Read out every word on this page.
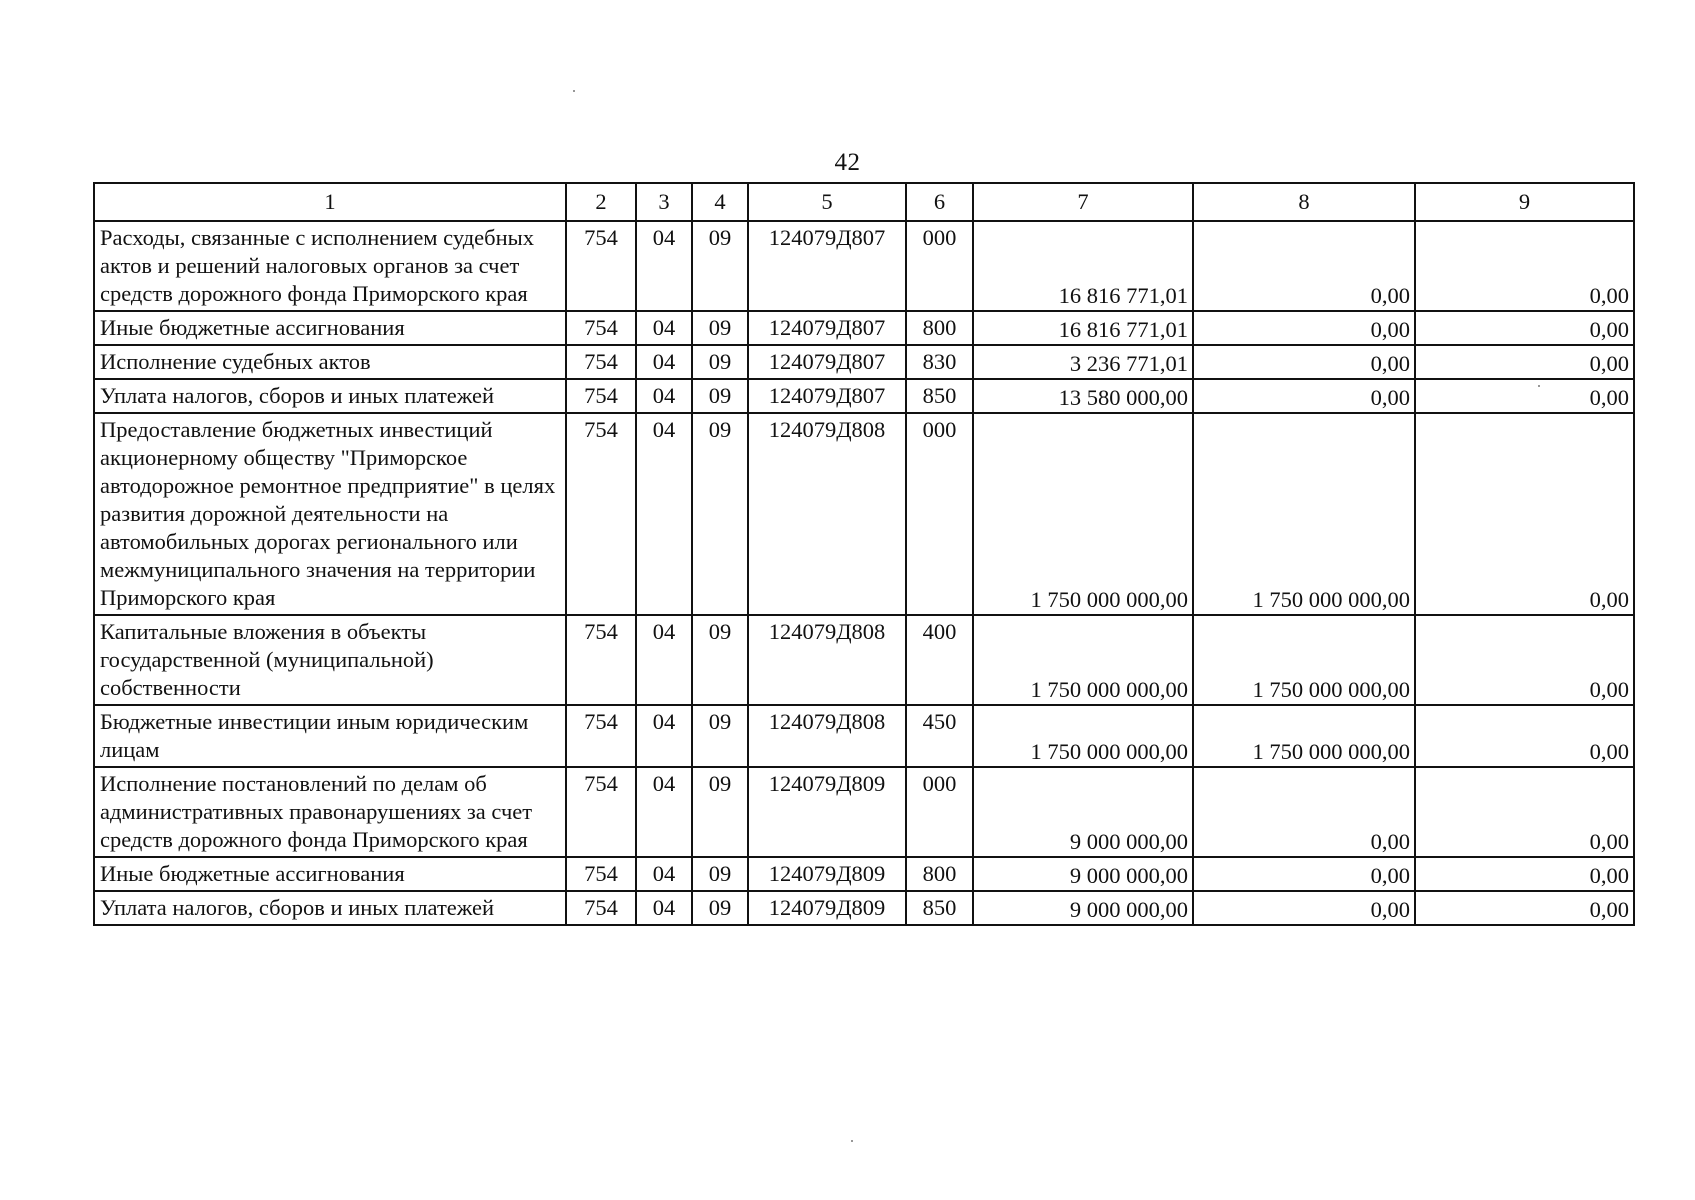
42
1	2	3	4	5	6	7	8	9
Расходы, связанные с исполнением судебных актов и решений налоговых органов за счет средств дорожного фонда Приморского края	754	04	09	124079Д807	000	16 816 771,01	0,00	0,00
Иные бюджетные ассигнования	754	04	09	124079Д807	800	16 816 771,01	0,00	0,00
Исполнение судебных актов	754	04	09	124079Д807	830	3 236 771,01	0,00	0,00
Уплата налогов, сборов и иных платежей	754	04	09	124079Д807	850	13 580 000,00	0,00	0,00
Предоставление бюджетных инвестиций акционерному обществу "Приморское автодорожное ремонтное предприятие" в целях развития дорожной деятельности на автомобильных дорогах регионального или межмуниципального значения на территории Приморского края	754	04	09	124079Д808	000	1 750 000 000,00	1 750 000 000,00	0,00
Капитальные вложения в объекты государственной (муниципальной) собственности	754	04	09	124079Д808	400	1 750 000 000,00	1 750 000 000,00	0,00
Бюджетные инвестиции иным юридическим лицам	754	04	09	124079Д808	450	1 750 000 000,00	1 750 000 000,00	0,00
Исполнение постановлений по делам об административных правонарушениях за счет средств дорожного фонда Приморского края	754	04	09	124079Д809	000	9 000 000,00	0,00	0,00
Иные бюджетные ассигнования	754	04	09	124079Д809	800	9 000 000,00	0,00	0,00
Уплата налогов, сборов и иных платежей	754	04	09	124079Д809	850	9 000 000,00	0,00	0,00
